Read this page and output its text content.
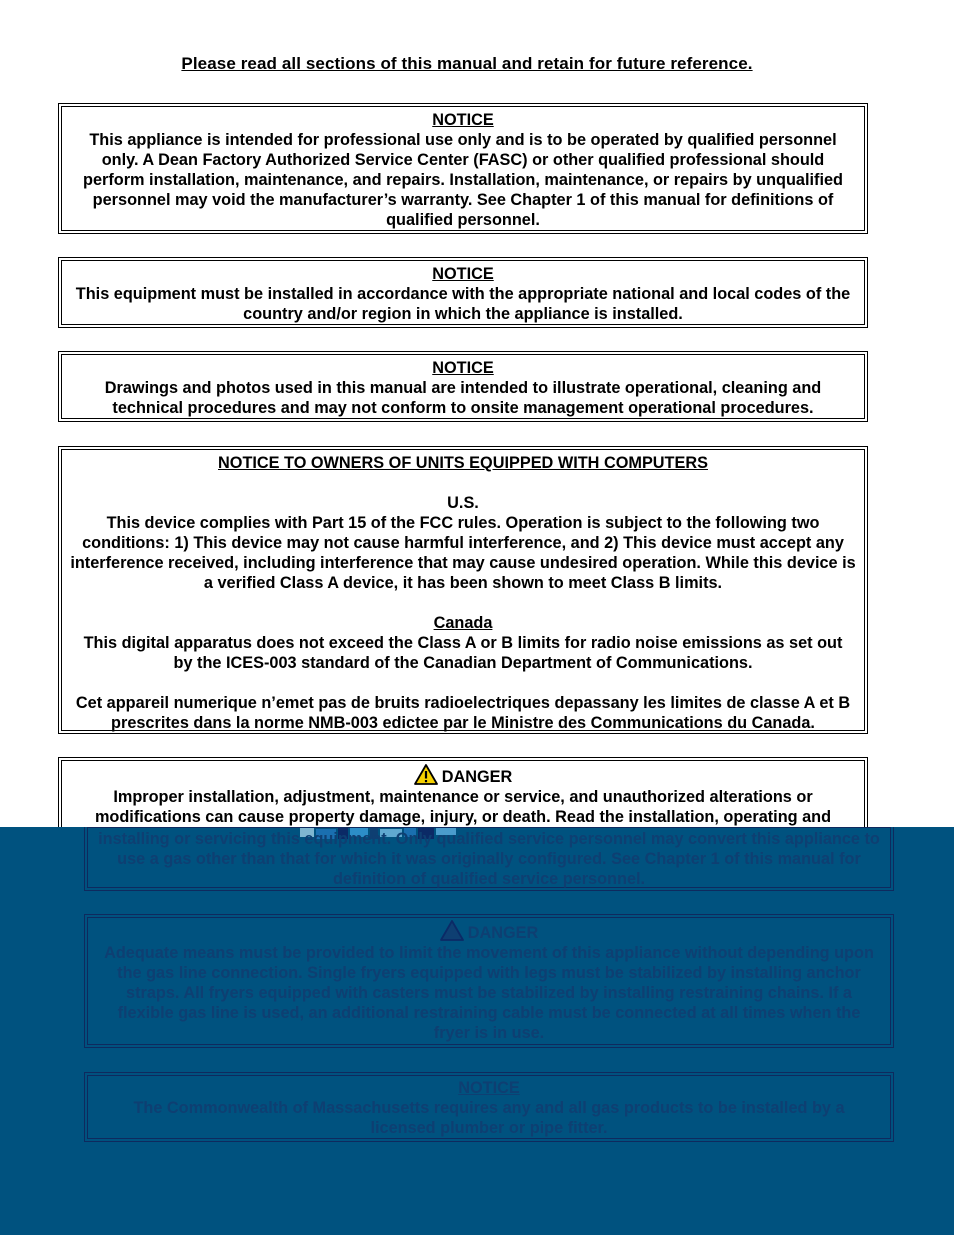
Please read all sections of this manual and retain for future reference.

NOTICE

This appliance is intended for professional use only and is to be operated by qualified personnel only. A Dean Factory Authorized Service Center (FASC) or other qualified professional should perform installation, maintenance, and repairs. Installation, maintenance, or repairs by unqualified personnel may void the manufacturer’s warranty. See Chapter 1 of this manual for definitions of qualified personnel.

NOTICE

This equipment must be installed in accordance with the appropriate national and local codes of the country and/or region in which the appliance is installed.

NOTICE

Drawings and photos used in this manual are intended to illustrate operational, cleaning and technical procedures and may not conform to onsite management operational procedures.

NOTICE TO OWNERS OF UNITS EQUIPPED WITH COMPUTERS

U.S.

This device complies with Part 15 of the FCC rules. Operation is subject to the following two conditions: 1) This device may not cause harmful interference, and 2) This device must accept any interference received, including interference that may cause undesired operation. While this device is a verified Class A device, it has been shown to meet Class B limits.

Canada

This digital apparatus does not exceed the Class A or B limits for radio noise emissions as set out by the ICES-003 standard of the Canadian Department of Communications.

Cet appareil numerique n’emet pas de bruits radioelectriques depassany les limites de classe A et B prescrites dans la norme NMB-003 edictee par le Ministre des Communications du Canada.

DANGER

Improper installation, adjustment, maintenance or service, and unauthorized alterations or modifications can cause property damage, injury, or death. Read the installation, operating and

installing or servicing this equipment. Only qualified service personnel may convert this appliance to use a gas other than that for which it was originally configured. See Chapter 1 of this manual for definition of qualified service personnel.

DANGER

Adequate means must be provided to limit the movement of this appliance without depending upon the gas line connection. Single fryers equipped with legs must be stabilized by installing anchor straps. All fryers equipped with casters must be stabilized by installing restraining chains. If a flexible gas line is used, an additional restraining cable must be connected at all times when the fryer is in use.

NOTICE

The Commonwealth of Massachusetts requires any and all gas products to be installed by a licensed plumber or pipe fitter.
